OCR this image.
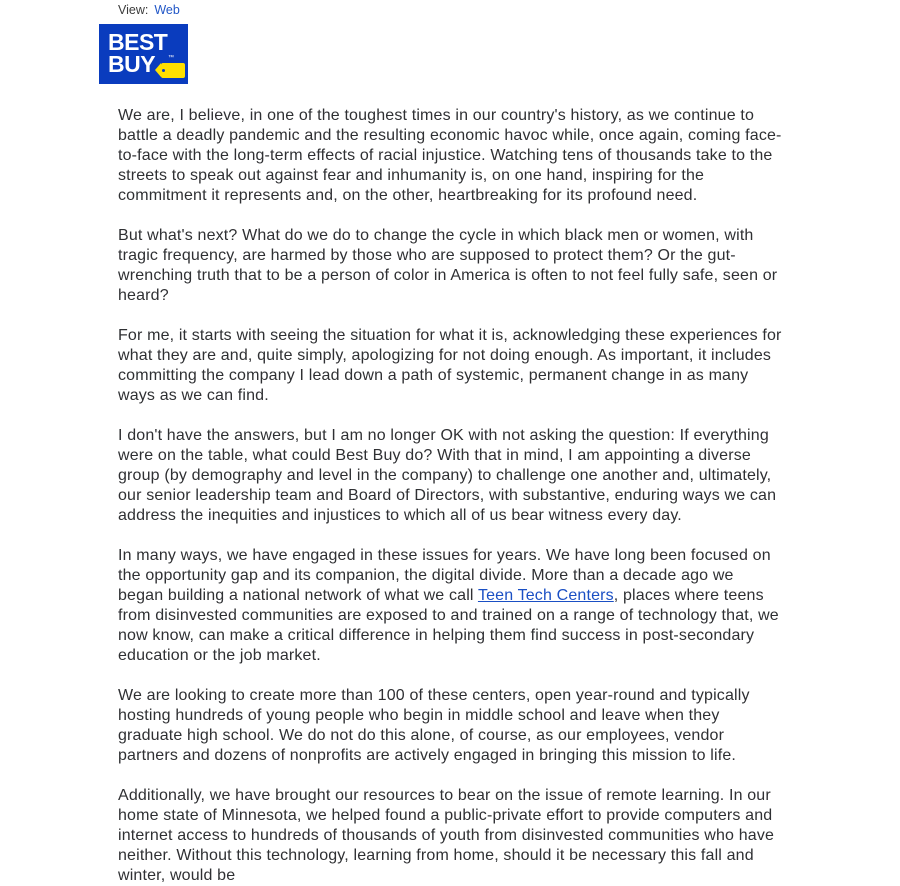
View: Web
BEST
BUY ™

We are, I believe, in one of the toughest times in our country's history, as we continue to battle a deadly pandemic and the resulting economic havoc while, once again, coming face-to-face with the long-term effects of racial injustice. Watching tens of thousands take to the streets to speak out against fear and inhumanity is, on one hand, inspiring for the commitment it represents and, on the other, heartbreaking for its profound need.

But what's next? What do we do to change the cycle in which black men or women, with tragic frequency, are harmed by those who are supposed to protect them? Or the gut-wrenching truth that to be a person of color in America is often to not feel fully safe, seen or heard?

For me, it starts with seeing the situation for what it is, acknowledging these experiences for what they are and, quite simply, apologizing for not doing enough. As important, it includes committing the company I lead down a path of systemic, permanent change in as many ways as we can find.

I don't have the answers, but I am no longer OK with not asking the question: If everything were on the table, what could Best Buy do? With that in mind, I am appointing a diverse group (by demography and level in the company) to challenge one another and, ultimately, our senior leadership team and Board of Directors, with substantive, enduring ways we can address the inequities and injustices to which all of us bear witness every day.

In many ways, we have engaged in these issues for years. We have long been focused on the opportunity gap and its companion, the digital divide. More than a decade ago we began building a national network of what we call Teen Tech Centers, places where teens from disinvested communities are exposed to and trained on a range of technology that, we now know, can make a critical difference in helping them find success in post-secondary education or the job market.

We are looking to create more than 100 of these centers, open year-round and typically hosting hundreds of young people who begin in middle school and leave when they graduate high school. We do not do this alone, of course, as our employees, vendor partners and dozens of nonprofits are actively engaged in bringing this mission to life.

Additionally, we have brought our resources to bear on the issue of remote learning. In our home state of Minnesota, we helped found a public-private effort to provide computers and internet access to hundreds of thousands of youth from disinvested communities who have neither. Without this technology, learning from home, should it be necessary this fall and winter, would be
